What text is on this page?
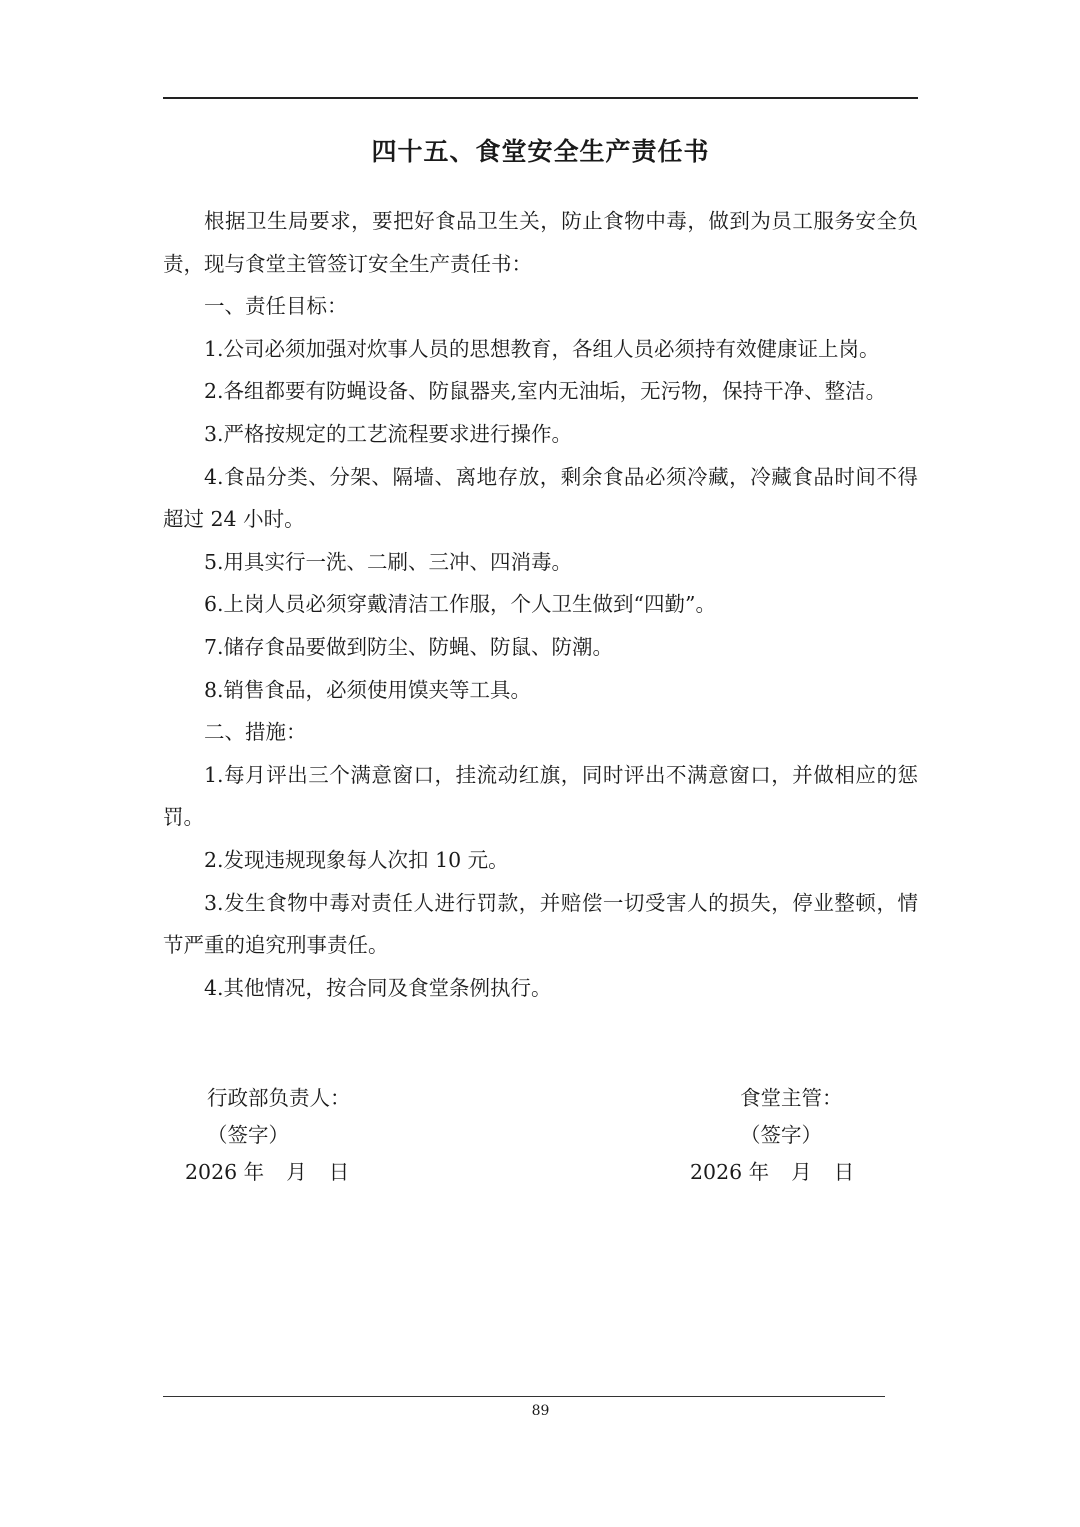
四十五、食堂安全生产责任书

根据卫生局要求，要把好食品卫生关，防止食物中毒，做到为员工服务安全负责，现与食堂主管签订安全生产责任书：

一、责任目标：

1.公司必须加强对炊事人员的思想教育，各组人员必须持有效健康证上岗。

2.各组都要有防蝇设备、防鼠器夹,室内无油垢，无污物，保持干净、整洁。

3.严格按规定的工艺流程要求进行操作。

4.食品分类、分架、隔墙、离地存放，剩余食品必须冷藏，冷藏食品时间不得超过 24 小时。

5.用具实行一洗、二刷、三冲、四消毒。

6.上岗人员必须穿戴清洁工作服，个人卫生做到“四勤”。

7.储存食品要做到防尘、防蝇、防鼠、防潮。

8.销售食品，必须使用馍夹等工具。

二、措施：

1.每月评出三个满意窗口，挂流动红旗，同时评出不满意窗口，并做相应的惩罚。

2.发现违规现象每人次扣 10 元。

3.发生食物中毒对责任人进行罚款，并赔偿一切受害人的损失，停业整顿，情节严重的追究刑事责任。

4.其他情况，按合同及食堂条例执行。

行政部负责人：
（签字）
2026 年 月 日
食堂主管：
（签字）
2026 年 月 日
89
